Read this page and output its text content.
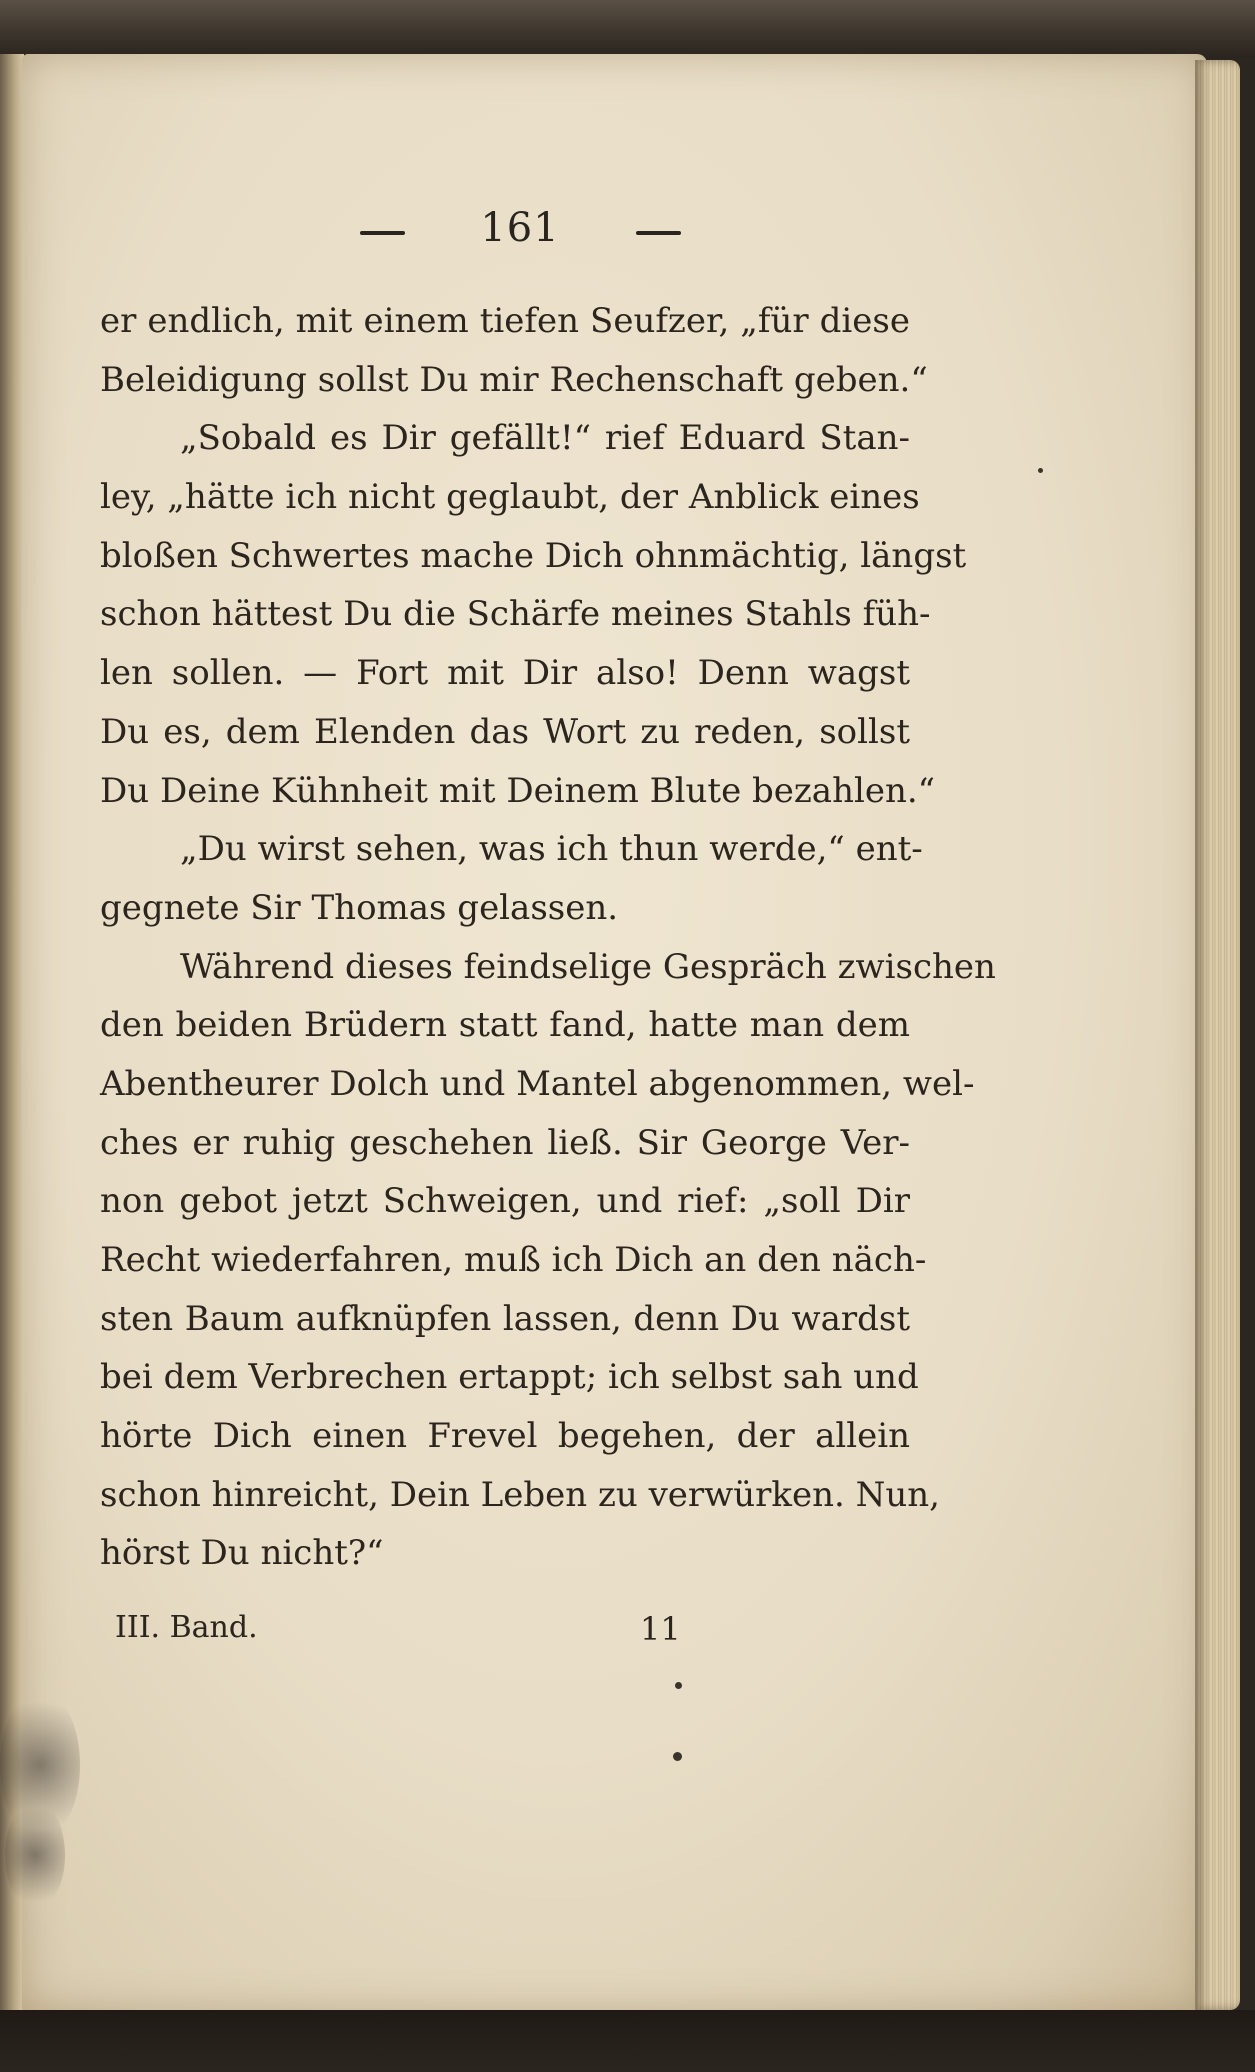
161
er endlich, mit einem tiefen Seufzer, „für diese
Beleidigung sollst Du mir Rechenschaft geben.“
„Sobald es Dir gefällt!“ rief Eduard Stan-
ley, „hätte ich nicht geglaubt, der Anblick eines
bloßen Schwertes mache Dich ohnmächtig, längst
schon hättest Du die Schärfe meines Stahls füh-
len sollen. — Fort mit Dir also! Denn wagst
Du es, dem Elenden das Wort zu reden, sollst
Du Deine Kühnheit mit Deinem Blute bezahlen.“
„Du wirst sehen, was ich thun werde,“ ent-
gegnete Sir Thomas gelassen.
Während dieses feindselige Gespräch zwischen
den beiden Brüdern statt fand, hatte man dem
Abentheurer Dolch und Mantel abgenommen, wel-
ches er ruhig geschehen ließ. Sir George Ver-
non gebot jetzt Schweigen, und rief: „soll Dir
Recht wiederfahren, muß ich Dich an den näch-
sten Baum aufknüpfen lassen, denn Du wardst
bei dem Verbrechen ertappt; ich selbst sah und
hörte Dich einen Frevel begehen, der allein
schon hinreicht, Dein Leben zu verwürken. Nun,
hörst Du nicht?“
III. Band.	11
